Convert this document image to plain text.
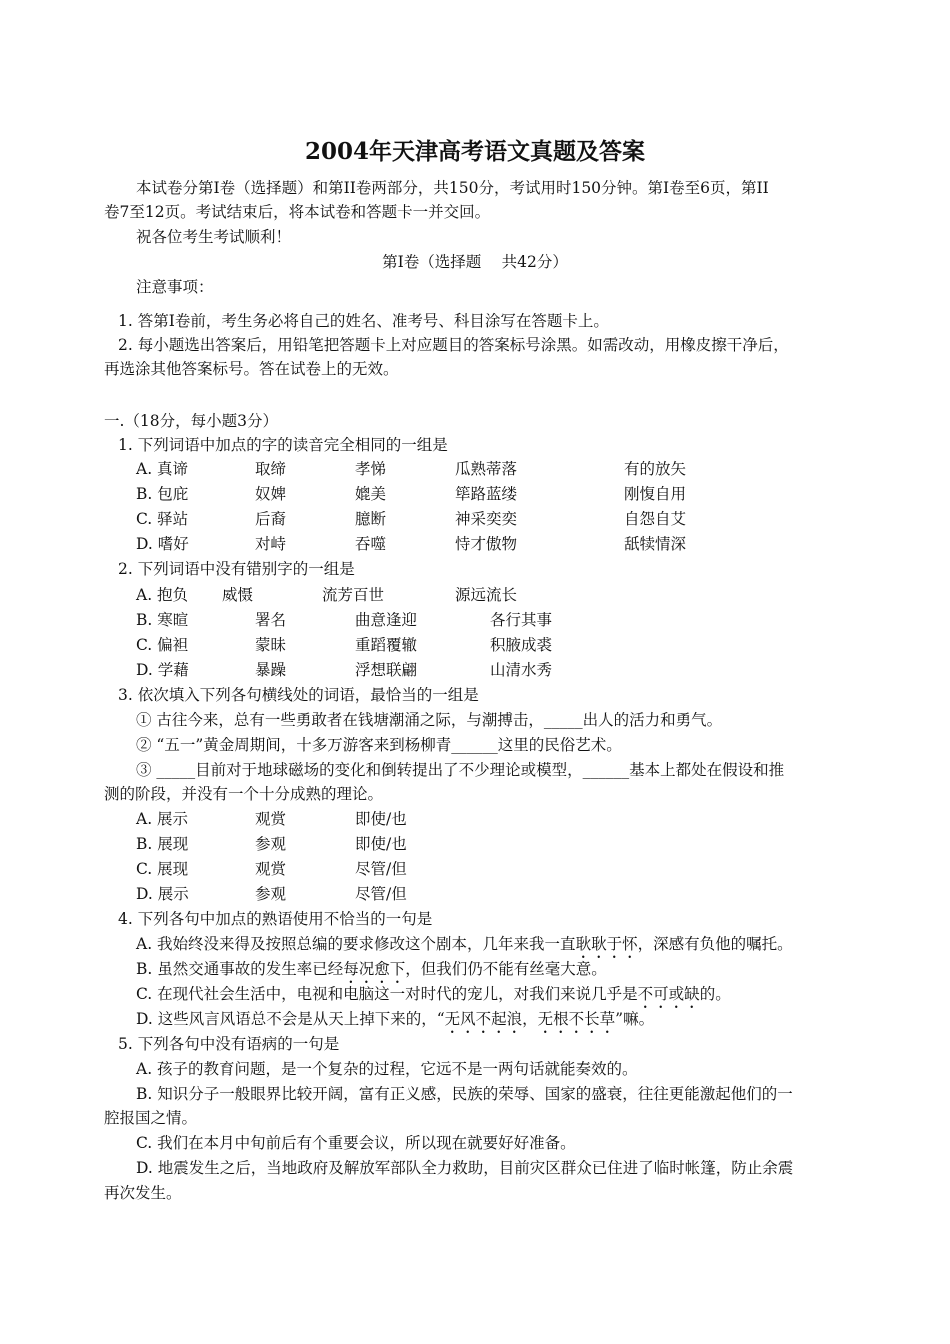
2004年天津高考语文真题及答案
本试卷分第I卷（选择题）和第II卷两部分，共150分，考试用时150分钟。第I卷至6页，第II
卷7至12页。考试结束后，将本试卷和答题卡一并交回。
祝各位考生考试顺利！
第I卷（选择题　 共42分）
注意事项：
1. 答第I卷前，考生务必将自己的姓名、准考号、科目涂写在答题卡上。
2. 每小题选出答案后，用铅笔把答题卡上对应题目的答案标号涂黑。如需改动，用橡皮擦干净后，
再选涂其他答案标号。答在试卷上的无效。
一.（18分，每小题3分）
1. 下列词语中加点的字的读音完全相同的一组是
A. 真谛	取缔	孝悌	瓜熟蒂落	有的放矢
B. 包庇	奴婢	媲美	筚路蓝缕	刚愎自用
C. 驿站	后裔	臆断	神采奕奕	自怨自艾
D. 嗜好	对峙	吞噬	恃才傲物	舐犊情深
2. 下列词语中没有错别字的一组是
A. 抱负 威慑	流芳百世	源远流长
B. 寒暄	署名	曲意逢迎	各行其事
C. 偏袒	蒙昧	重蹈覆辙	积腋成裘
D. 学藉	暴躁	浮想联翩	山清水秀
3. 依次填入下列各句横线处的词语，最恰当的一组是
① 古往今来，总有一些勇敢者在钱塘潮涌之际，与潮搏击，_____出人的活力和勇气。
② “五一”黄金周期间，十多万游客来到杨柳青______这里的民俗艺术。
③ _____目前对于地球磁场的变化和倒转提出了不少理论或模型，______基本上都处在假设和推
测的阶段，并没有一个十分成熟的理论。
A. 展示	观赏	即使/也
B. 展现	参观	即使/也
C. 展现	观赏	尽管/但
D. 展示	参观	尽管/但
4. 下列各句中加点的熟语使用不恰当的一句是
A. 我始终没来得及按照总编的要求修改这个剧本，几年来我一直耿耿于怀，深感有负他的嘱托。
B. 虽然交通事故的发生率已经每况愈下，但我们仍不能有丝毫大意。
C. 在现代社会生活中，电视和电脑这一对时代的宠儿，对我们来说几乎是不可或缺的。
D. 这些风言风语总不会是从天上掉下来的，“无风不起浪，无根不长草”嘛。
5. 下列各句中没有语病的一句是
A. 孩子的教育问题，是一个复杂的过程，它远不是一两句话就能奏效的。
B. 知识分子一般眼界比较开阔，富有正义感，民族的荣辱、国家的盛衰，往往更能激起他们的一
腔报国之情。
C. 我们在本月中旬前后有个重要会议，所以现在就要好好准备。
D. 地震发生之后，当地政府及解放军部队全力救助，目前灾区群众已住进了临时帐篷，防止余震
再次发生。
